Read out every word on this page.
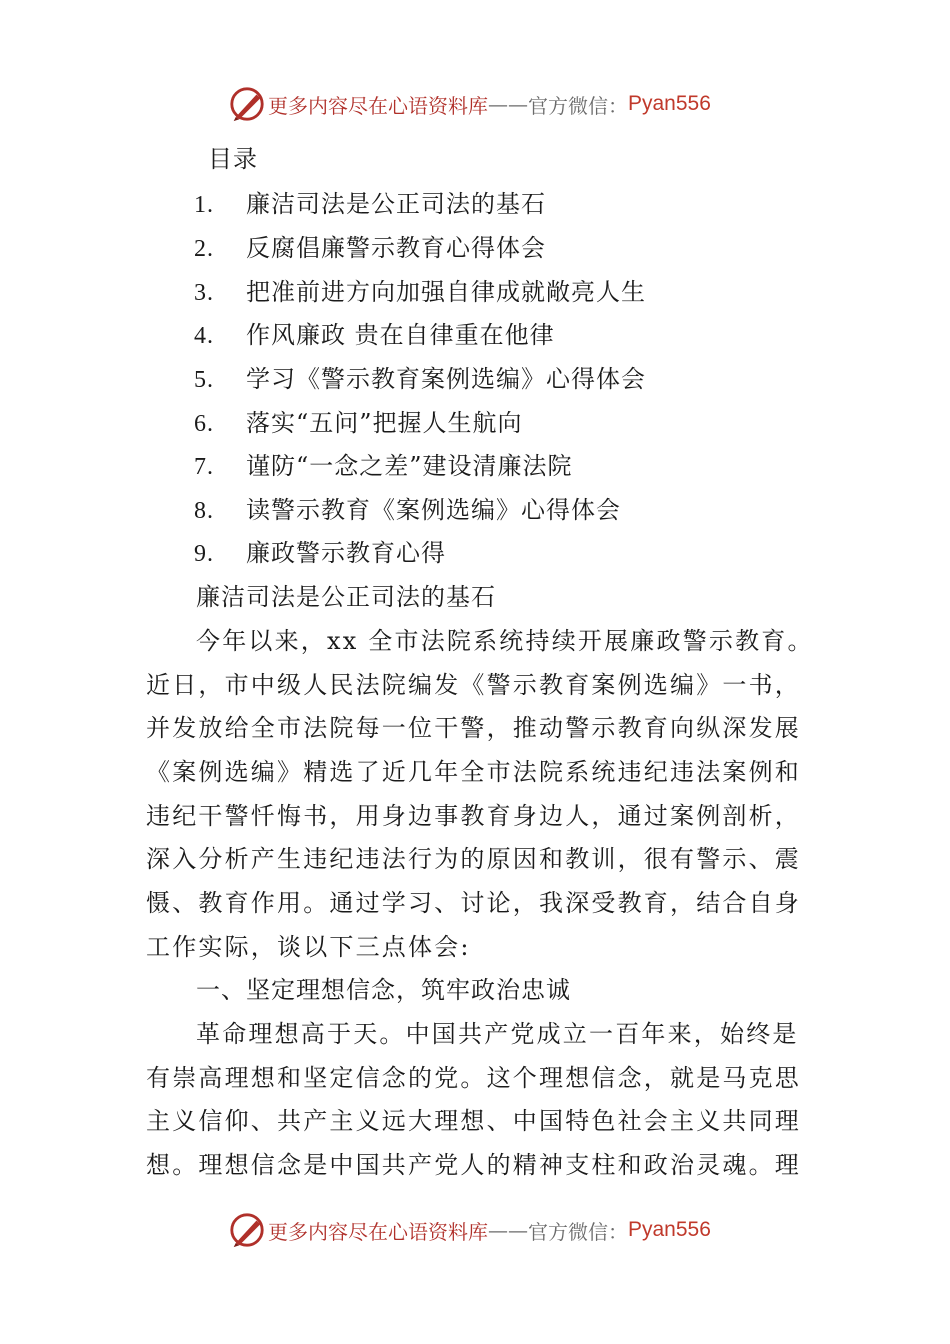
更多内容尽在心语资料库 —— 官方微信： Pyan556
目录
1. 廉洁司法是公正司法的基石
2. 反腐倡廉警示教育心得体会
3. 把准前进方向加强自律成就敞亮人生
4. 作风廉政 贵在自律重在他律
5. 学习《警示教育案例选编》心得体会
6. 落实“五问”把握人生航向
7. 谨防“一念之差”建设清廉法院
8. 读警示教育《案例选编》心得体会
9. 廉政警示教育心得
廉洁司法是公正司法的基石
今年以来，xx 全市法院系统持续开展廉政警示教育。
近日，市中级人民法院编发《警示教育案例选编》一书，
并发放给全市法院每一位干警，推动警示教育向纵深发展
《案例选编》精选了近几年全市法院系统违纪违法案例和
违纪干警忏悔书，用身边事教育身边人，通过案例剖析，
深入分析产生违纪违法行为的原因和教训，很有警示、震
慑、教育作用。通过学习、讨论，我深受教育，结合自身
工作实际，谈以下三点体会:
一、坚定理想信念，筑牢政治忠诚
革命理想高于天。中国共产党成立一百年来，始终是
有崇高理想和坚定信念的党。这个理想信念，就是马克思
主义信仰、共产主义远大理想、中国特色社会主义共同理
想。理想信念是中国共产党人的精神支柱和政治灵魂。理
更多内容尽在心语资料库 —— 官方微信： Pyan556
